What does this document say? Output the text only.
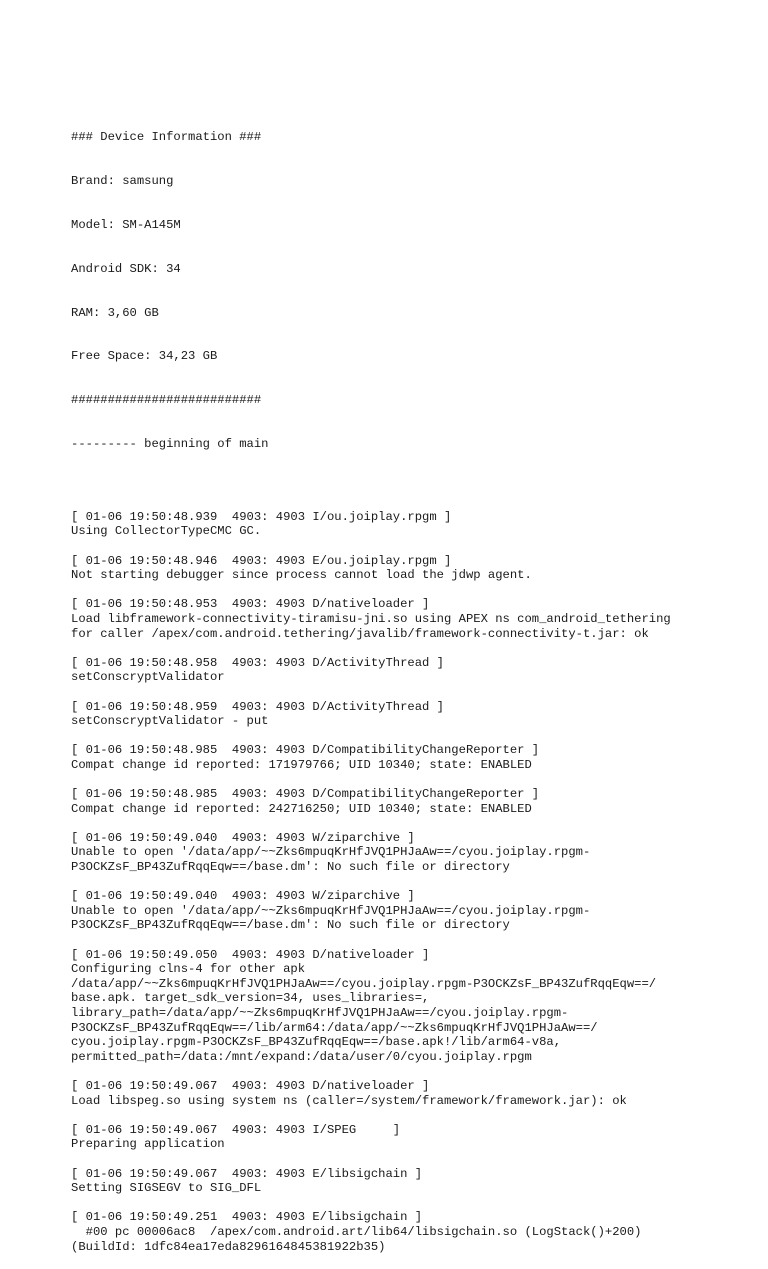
### Device Information ###

Brand: samsung

Model: SM-A145M

Android SDK: 34

RAM: 3,60 GB

Free Space: 34,23 GB

##########################

--------- beginning of main

[ 01-06 19:50:48.939  4903: 4903 I/ou.joiplay.rpgm ]
Using CollectorTypeCMC GC.
[ 01-06 19:50:48.946  4903: 4903 E/ou.joiplay.rpgm ]
Not starting debugger since process cannot load the jdwp agent.
[ 01-06 19:50:48.953  4903: 4903 D/nativeloader ]
Load libframework-connectivity-tiramisu-jni.so using APEX ns com_android_tethering
for caller /apex/com.android.tethering/javalib/framework-connectivity-t.jar: ok
[ 01-06 19:50:48.958  4903: 4903 D/ActivityThread ]
setConscryptValidator
[ 01-06 19:50:48.959  4903: 4903 D/ActivityThread ]
setConscryptValidator - put
[ 01-06 19:50:48.985  4903: 4903 D/CompatibilityChangeReporter ]
Compat change id reported: 171979766; UID 10340; state: ENABLED
[ 01-06 19:50:48.985  4903: 4903 D/CompatibilityChangeReporter ]
Compat change id reported: 242716250; UID 10340; state: ENABLED
[ 01-06 19:50:49.040  4903: 4903 W/ziparchive ]
Unable to open '/data/app/~~Zks6mpuqKrHfJVQ1PHJaAw==/cyou.joiplay.rpgm-
P3OCKZsF_BP43ZufRqqEqw==/base.dm': No such file or directory
[ 01-06 19:50:49.040  4903: 4903 W/ziparchive ]
Unable to open '/data/app/~~Zks6mpuqKrHfJVQ1PHJaAw==/cyou.joiplay.rpgm-
P3OCKZsF_BP43ZufRqqEqw==/base.dm': No such file or directory
[ 01-06 19:50:49.050  4903: 4903 D/nativeloader ]
Configuring clns-4 for other apk
/data/app/~~Zks6mpuqKrHfJVQ1PHJaAw==/cyou.joiplay.rpgm-P3OCKZsF_BP43ZufRqqEqw==/
base.apk. target_sdk_version=34, uses_libraries=,
library_path=/data/app/~~Zks6mpuqKrHfJVQ1PHJaAw==/cyou.joiplay.rpgm-
P3OCKZsF_BP43ZufRqqEqw==/lib/arm64:/data/app/~~Zks6mpuqKrHfJVQ1PHJaAw==/
cyou.joiplay.rpgm-P3OCKZsF_BP43ZufRqqEqw==/base.apk!/lib/arm64-v8a,
permitted_path=/data:/mnt/expand:/data/user/0/cyou.joiplay.rpgm
[ 01-06 19:50:49.067  4903: 4903 D/nativeloader ]
Load libspeg.so using system ns (caller=/system/framework/framework.jar): ok
[ 01-06 19:50:49.067  4903: 4903 I/SPEG     ]
Preparing application
[ 01-06 19:50:49.067  4903: 4903 E/libsigchain ]
Setting SIGSEGV to SIG_DFL
[ 01-06 19:50:49.251  4903: 4903 E/libsigchain ]
#00 pc 00006ac8  /apex/com.android.art/lib64/libsigchain.so (LogStack()+200)
(BuildId: 1dfc84ea17eda8296164845381922b35)
